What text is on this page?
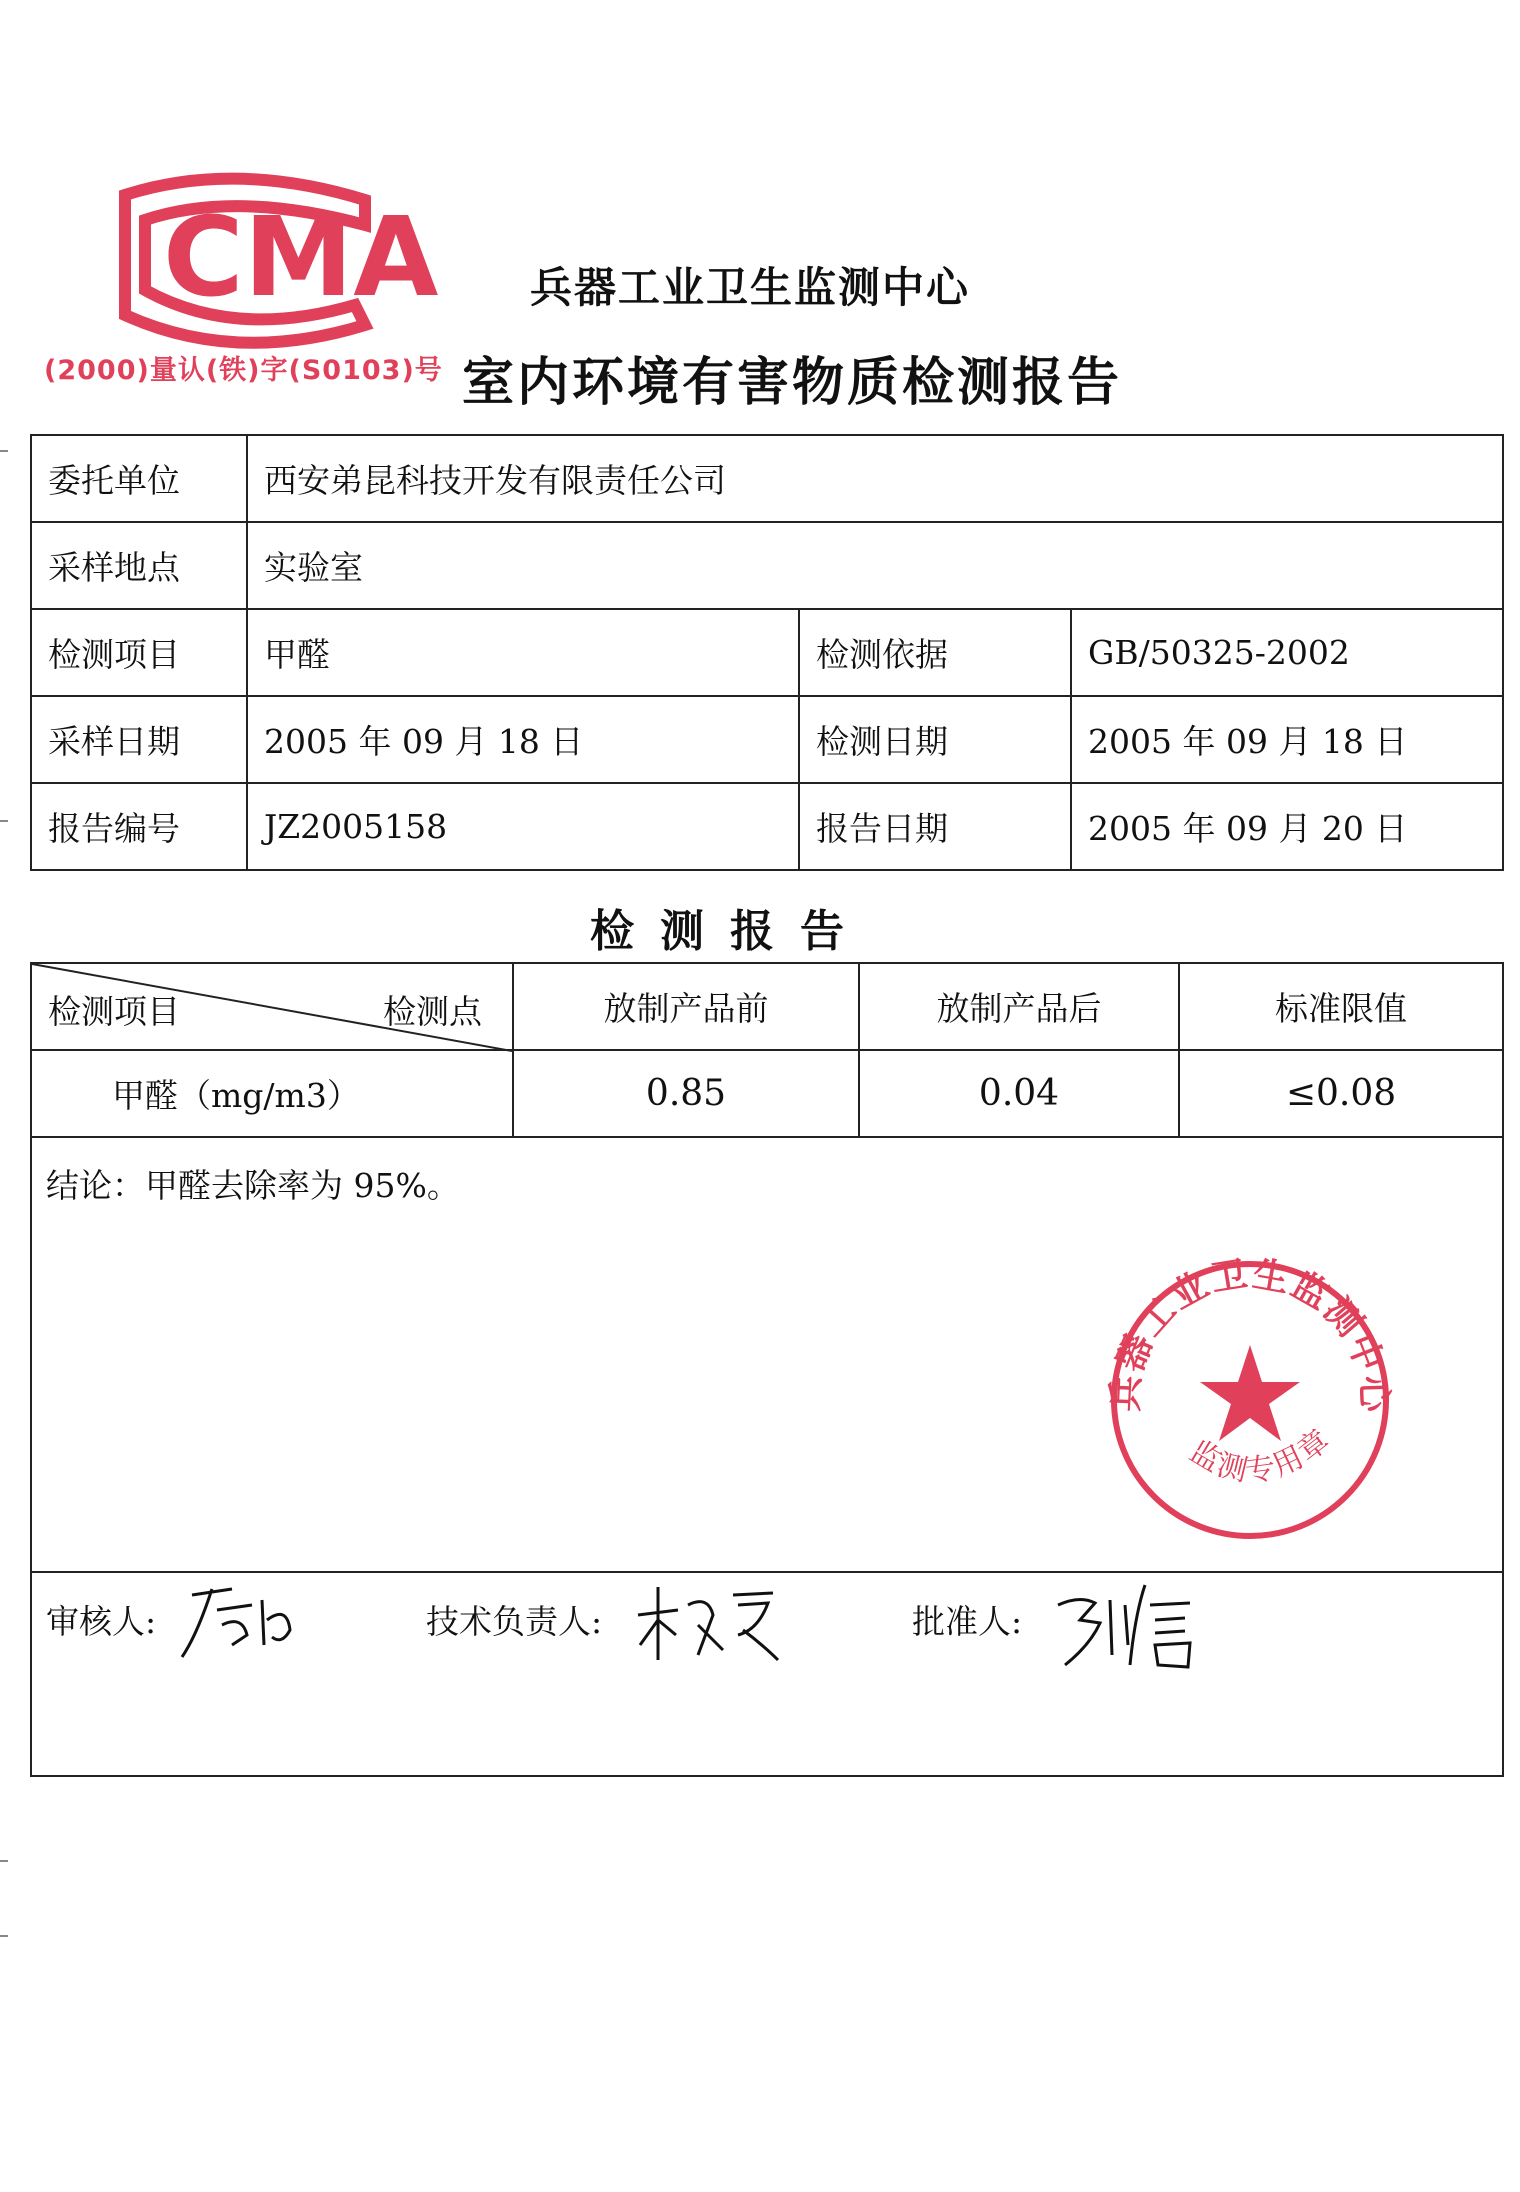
CMA
(2000)量认(铁)字(S0103)号
兵器工业卫生监测中心
室内环境有害物质检测报告
委托单位	西安弟昆科技开发有限责任公司		
采样地点	实验室		
检测项目	甲醛	检测依据	GB/50325-2002
采样日期	2005 年 09 月 18 日	检测日期	2005 年 09 月 18 日
报告编号	JZ2005158	报告日期	2005 年 09 月 20 日
检测报告
检测项目 检测点	放制产品前	放制产品后	标准限值
甲醛（mg/m3）	0.85	0.04	≤0.08
结论：甲醛去除率为 95%。
兵器工业卫生监测中心
监测专用章
审核人:	技术负责人:	批准人:
